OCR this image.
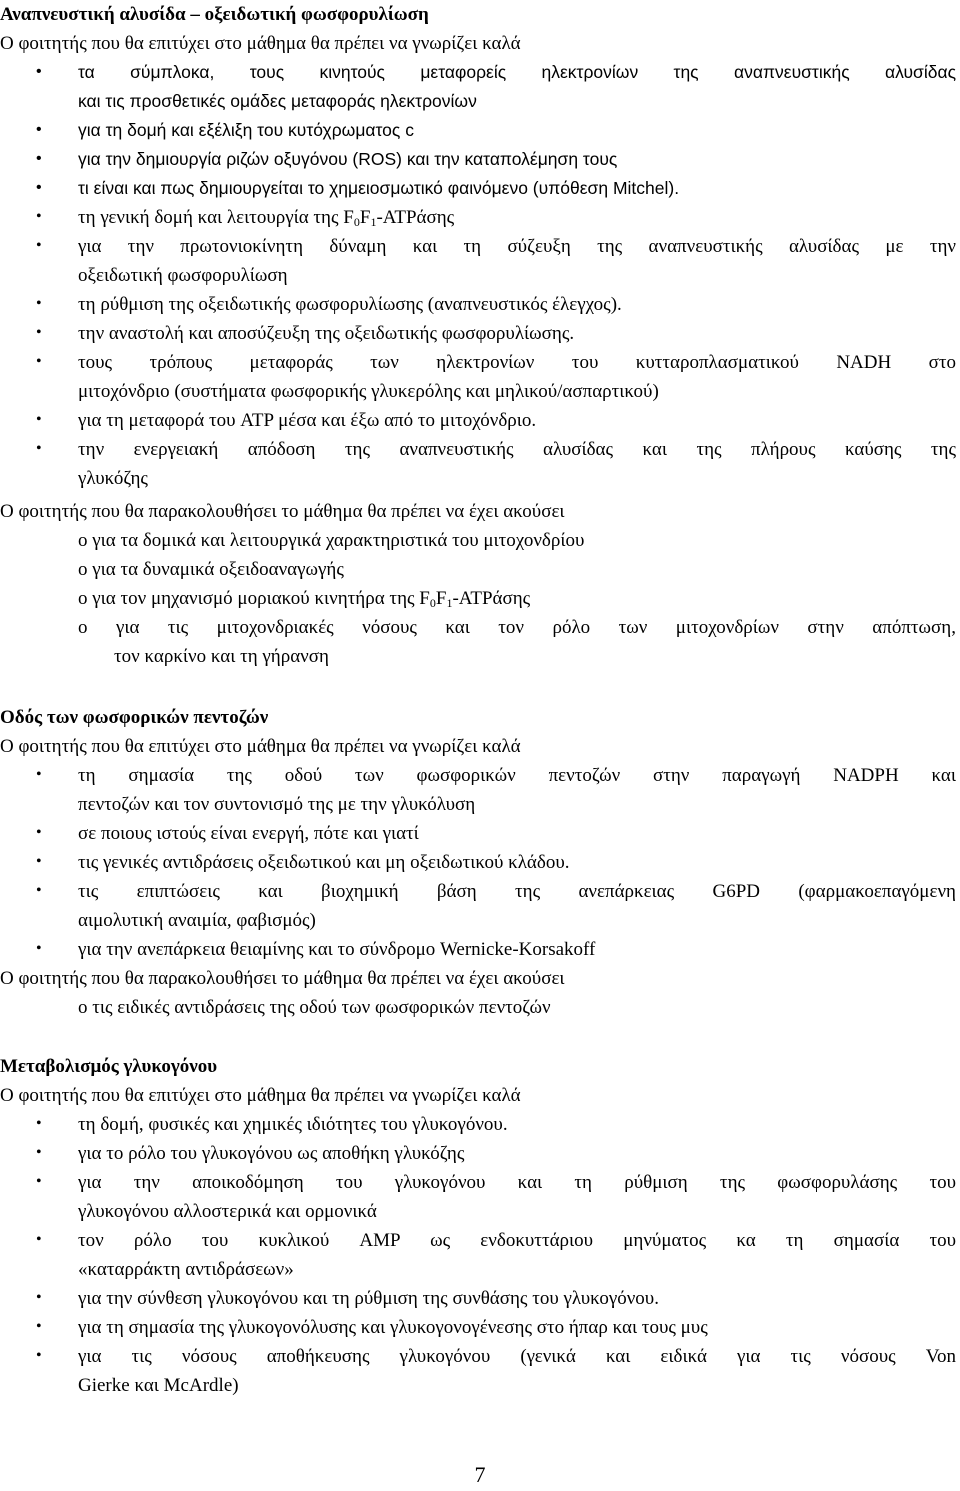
Αναπνευστική αλυσίδα – οξειδωτική φωσφορυλίωση
Ο φοιτητής που θα επιτύχει στο μάθημα θα πρέπει να γνωρίζει καλά
• τα σύμπλοκα, τους κινητούς μεταφορείς ηλεκτρονίων της αναπνευστικής αλυσίδας
και τις προσθετικές ομάδες μεταφοράς ηλεκτρονίων
• για τη δομή και εξέλιξη του κυτόχρωματος c
• για την δημιουργία ριζών οξυγόνου (ROS) και την καταπολέμηση τους
• τι είναι και πως δημιουργείται το χημειοσμωτικό φαινόμενο (υπόθεση Mitchel).
• τη γενική δομή και λειτουργία της $F_0F_1$-ATPάσης
• για την πρωτονιοκίνητη δύναμη και τη σύζευξη της αναπνευστικής αλυσίδας με την
οξειδωτική φωσφορυλίωση
• τη ρύθμιση της οξειδωτικής φωσφορυλίωσης (αναπνευστικός έλεγχος).
• την αναστολή και αποσύζευξη της οξειδωτικής φωσφορυλίωσης.
• τους τρόπους μεταφοράς των ηλεκτρονίων του κυτταροπλασματικού NADH στο
μιτοχόνδριο (συστήματα φωσφορικής γλυκερόλης και μηλικού/ασπαρτικού)
• για τη μεταφορά του ATP μέσα και έξω από το μιτοχόνδριο.
• την ενεργειακή απόδοση της αναπνευστικής αλυσίδας και της πλήρους καύσης της
γλυκόζης
Ο φοιτητής που θα παρακολουθήσει το μάθημα θα πρέπει να έχει ακούσει
o για τα δομικά και λειτουργικά χαρακτηριστικά του μιτοχονδρίου
o για τα δυναμικά οξειδοαναγωγής
o για τον μηχανισμό μοριακού κινητήρα της $F_0F_1$-ATPάσης
o για τις μιτοχονδριακές νόσους και τον ρόλο των μιτοχονδρίων στην απόπτωση,
τον καρκίνο και τη γήρανση
Οδός των φωσφορικών πεντοζών
Ο φοιτητής που θα επιτύχει στο μάθημα θα πρέπει να γνωρίζει καλά
• τη σημασία της οδού των φωσφορικών πεντοζών στην παραγωγή NADPH και
πεντοζών και τον συντονισμό της με την γλυκόλυση
• σε ποιους ιστούς είναι ενεργή, πότε και γιατί
• τις γενικές αντιδράσεις οξειδωτικού και μη οξειδωτικού κλάδου.
• τις επιπτώσεις και βιοχημική βάση της ανεπάρκειας G6PD (φαρμακοεπαγόμενη
αιμολυτική αναιμία, φαβισμός)
• για την ανεπάρκεια θειαμίνης και το σύνδρομο Wernicke-Korsakoff
Ο φοιτητής που θα παρακολουθήσει το μάθημα θα πρέπει να έχει ακούσει
o τις ειδικές αντιδράσεις της οδού των φωσφορικών πεντοζών
Μεταβολισμός γλυκογόνου
Ο φοιτητής που θα επιτύχει στο μάθημα θα πρέπει να γνωρίζει καλά
• τη δομή, φυσικές και χημικές ιδιότητες του γλυκογόνου.
• για το ρόλο του γλυκογόνου ως αποθήκη γλυκόζης
• για την αποικοδόμηση του γλυκογόνου και τη ρύθμιση της φωσφορυλάσης του
γλυκογόνου αλλοστερικά και ορμονικά
• τον ρόλο του κυκλικού AMP ως ενδοκυττάριου μηνύματος κα τη σημασία του
«καταρράκτη αντιδράσεων»
• για την σύνθεση γλυκογόνου και τη ρύθμιση της συνθάσης του γλυκογόνου.
• για τη σημασία της γλυκογονόλυσης και γλυκογονογένεσης στο ήπαρ και τους μυς
• για τις νόσους αποθήκευσης γλυκογόνου (γενικά και ειδικά για τις νόσους Von
Gierke και McArdle)
7
